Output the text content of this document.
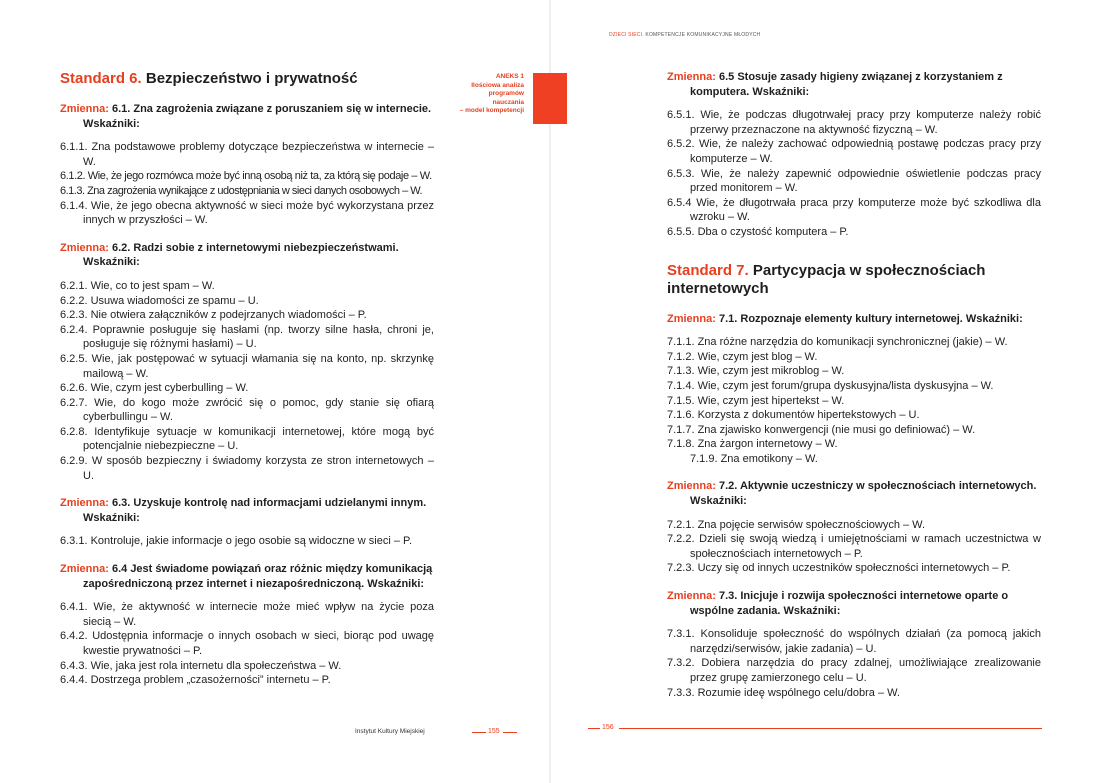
DZIECI SIECI. KOMPETENCJE KOMUNIKACYJNE MŁODYCH
ANEKS 1
Ilościowa analiza
programów
nauczania
– model kompetencji
Standard 6. Bezpieczeństwo i prywatność
Zmienna: 6.1. Zna zagrożenia związane z poruszaniem się w internecie. Wskaźniki:
6.1.1. Zna podstawowe problemy dotyczące bezpieczeństwa w internecie – W.
6.1.2. Wie, że jego rozmówca może być inną osobą niż ta, za którą się podaje – W.
6.1.3. Zna zagrożenia wynikające z udostępniania w sieci danych osobowych – W.
6.1.4. Wie, że jego obecna aktywność w sieci może być wykorzystana przez innych w przyszłości – W.
Zmienna: 6.2. Radzi sobie z internetowymi niebezpieczeństwami. Wskaźniki:
6.2.1. Wie, co to jest spam – W.
6.2.2. Usuwa wiadomości ze spamu – U.
6.2.3. Nie otwiera załączników z podejrzanych wiadomości – P.
6.2.4. Poprawnie posługuje się hasłami (np. tworzy silne hasła, chroni je, posługuje się różnymi hasłami) – U.
6.2.5. Wie, jak postępować w sytuacji włamania się na konto, np. skrzynkę mailową – W.
6.2.6. Wie, czym jest cyberbulling – W.
6.2.7. Wie, do kogo może zwrócić się o pomoc, gdy stanie się ofiarą cyberbullingu – W.
6.2.8. Identyfikuje sytuacje w komunikacji internetowej, które mogą być potencjalnie niebezpieczne – U.
6.2.9. W sposób bezpieczny i świadomy korzysta ze stron internetowych – U.
Zmienna: 6.3. Uzyskuje kontrolę nad informacjami udzielanymi innym. Wskaźniki:
6.3.1. Kontroluje, jakie informacje o jego osobie są widoczne w sieci – P.
Zmienna: 6.4 Jest świadome powiązań oraz różnic między komunikacją zapośredniczoną przez internet i niezapośredniczoną. Wskaźniki:
6.4.1. Wie, że aktywność w internecie może mieć wpływ na życie poza siecią – W.
6.4.2. Udostępnia informacje o innych osobach w sieci, biorąc pod uwagę kwestie prywatności – P.
6.4.3. Wie, jaka jest rola internetu dla społeczeństwa – W.
6.4.4. Dostrzega problem „czasożerności” internetu – P.
Zmienna: 6.5 Stosuje zasady higieny związanej z korzystaniem z komputera. Wskaźniki:
6.5.1. Wie, że podczas długotrwałej pracy przy komputerze należy robić przerwy przeznaczone na aktywność fizyczną – W.
6.5.2. Wie, że należy zachować odpowiednią postawę podczas pracy przy komputerze – W.
6.5.3. Wie, że należy zapewnić odpowiednie oświetlenie podczas pracy przed monitorem – W.
6.5.4 Wie, że długotrwała praca przy komputerze może być szkodliwa dla wzroku – W.
6.5.5. Dba o czystość komputera – P.
Standard 7. Partycypacja w społecznościach internetowych
Zmienna: 7.1. Rozpoznaje elementy kultury internetowej. Wskaźniki:
7.1.1. Zna różne narzędzia do komunikacji synchronicznej (jakie) – W.
7.1.2. Wie, czym jest blog – W.
7.1.3. Wie, czym jest mikroblog – W.
7.1.4. Wie, czym jest forum/grupa dyskusyjna/lista dyskusyjna – W.
7.1.5. Wie, czym jest hipertekst – W.
7.1.6. Korzysta z dokumentów hipertekstowych – U.
7.1.7. Zna zjawisko konwergencji (nie musi go definiować) – W.
7.1.8. Zna żargon internetowy – W.
7.1.9. Zna emotikony – W.
Zmienna: 7.2. Aktywnie uczestniczy w społecznościach internetowych. Wskaźniki:
7.2.1. Zna pojęcie serwisów społecznościowych – W.
7.2.2. Dzieli się swoją wiedzą i umiejętnościami w ramach uczestnictwa w społecznościach internetowych – P.
7.2.3. Uczy się od innych uczestników społeczności internetowych – P.
Zmienna: 7.3. Inicjuje i rozwija społeczności internetowe oparte o wspólne zadania. Wskaźniki:
7.3.1. Konsoliduje społeczność do wspólnych działań (za pomocą jakich narzędzi/serwisów, jakie zadania) – U.
7.3.2. Dobiera narzędzia do pracy zdalnej, umożliwiające zrealizowanie przez grupę zamierzonego celu – U.
7.3.3. Rozumie ideę wspólnego celu/dobra – W.
Instytut Kultury Miejskiej	155
156
